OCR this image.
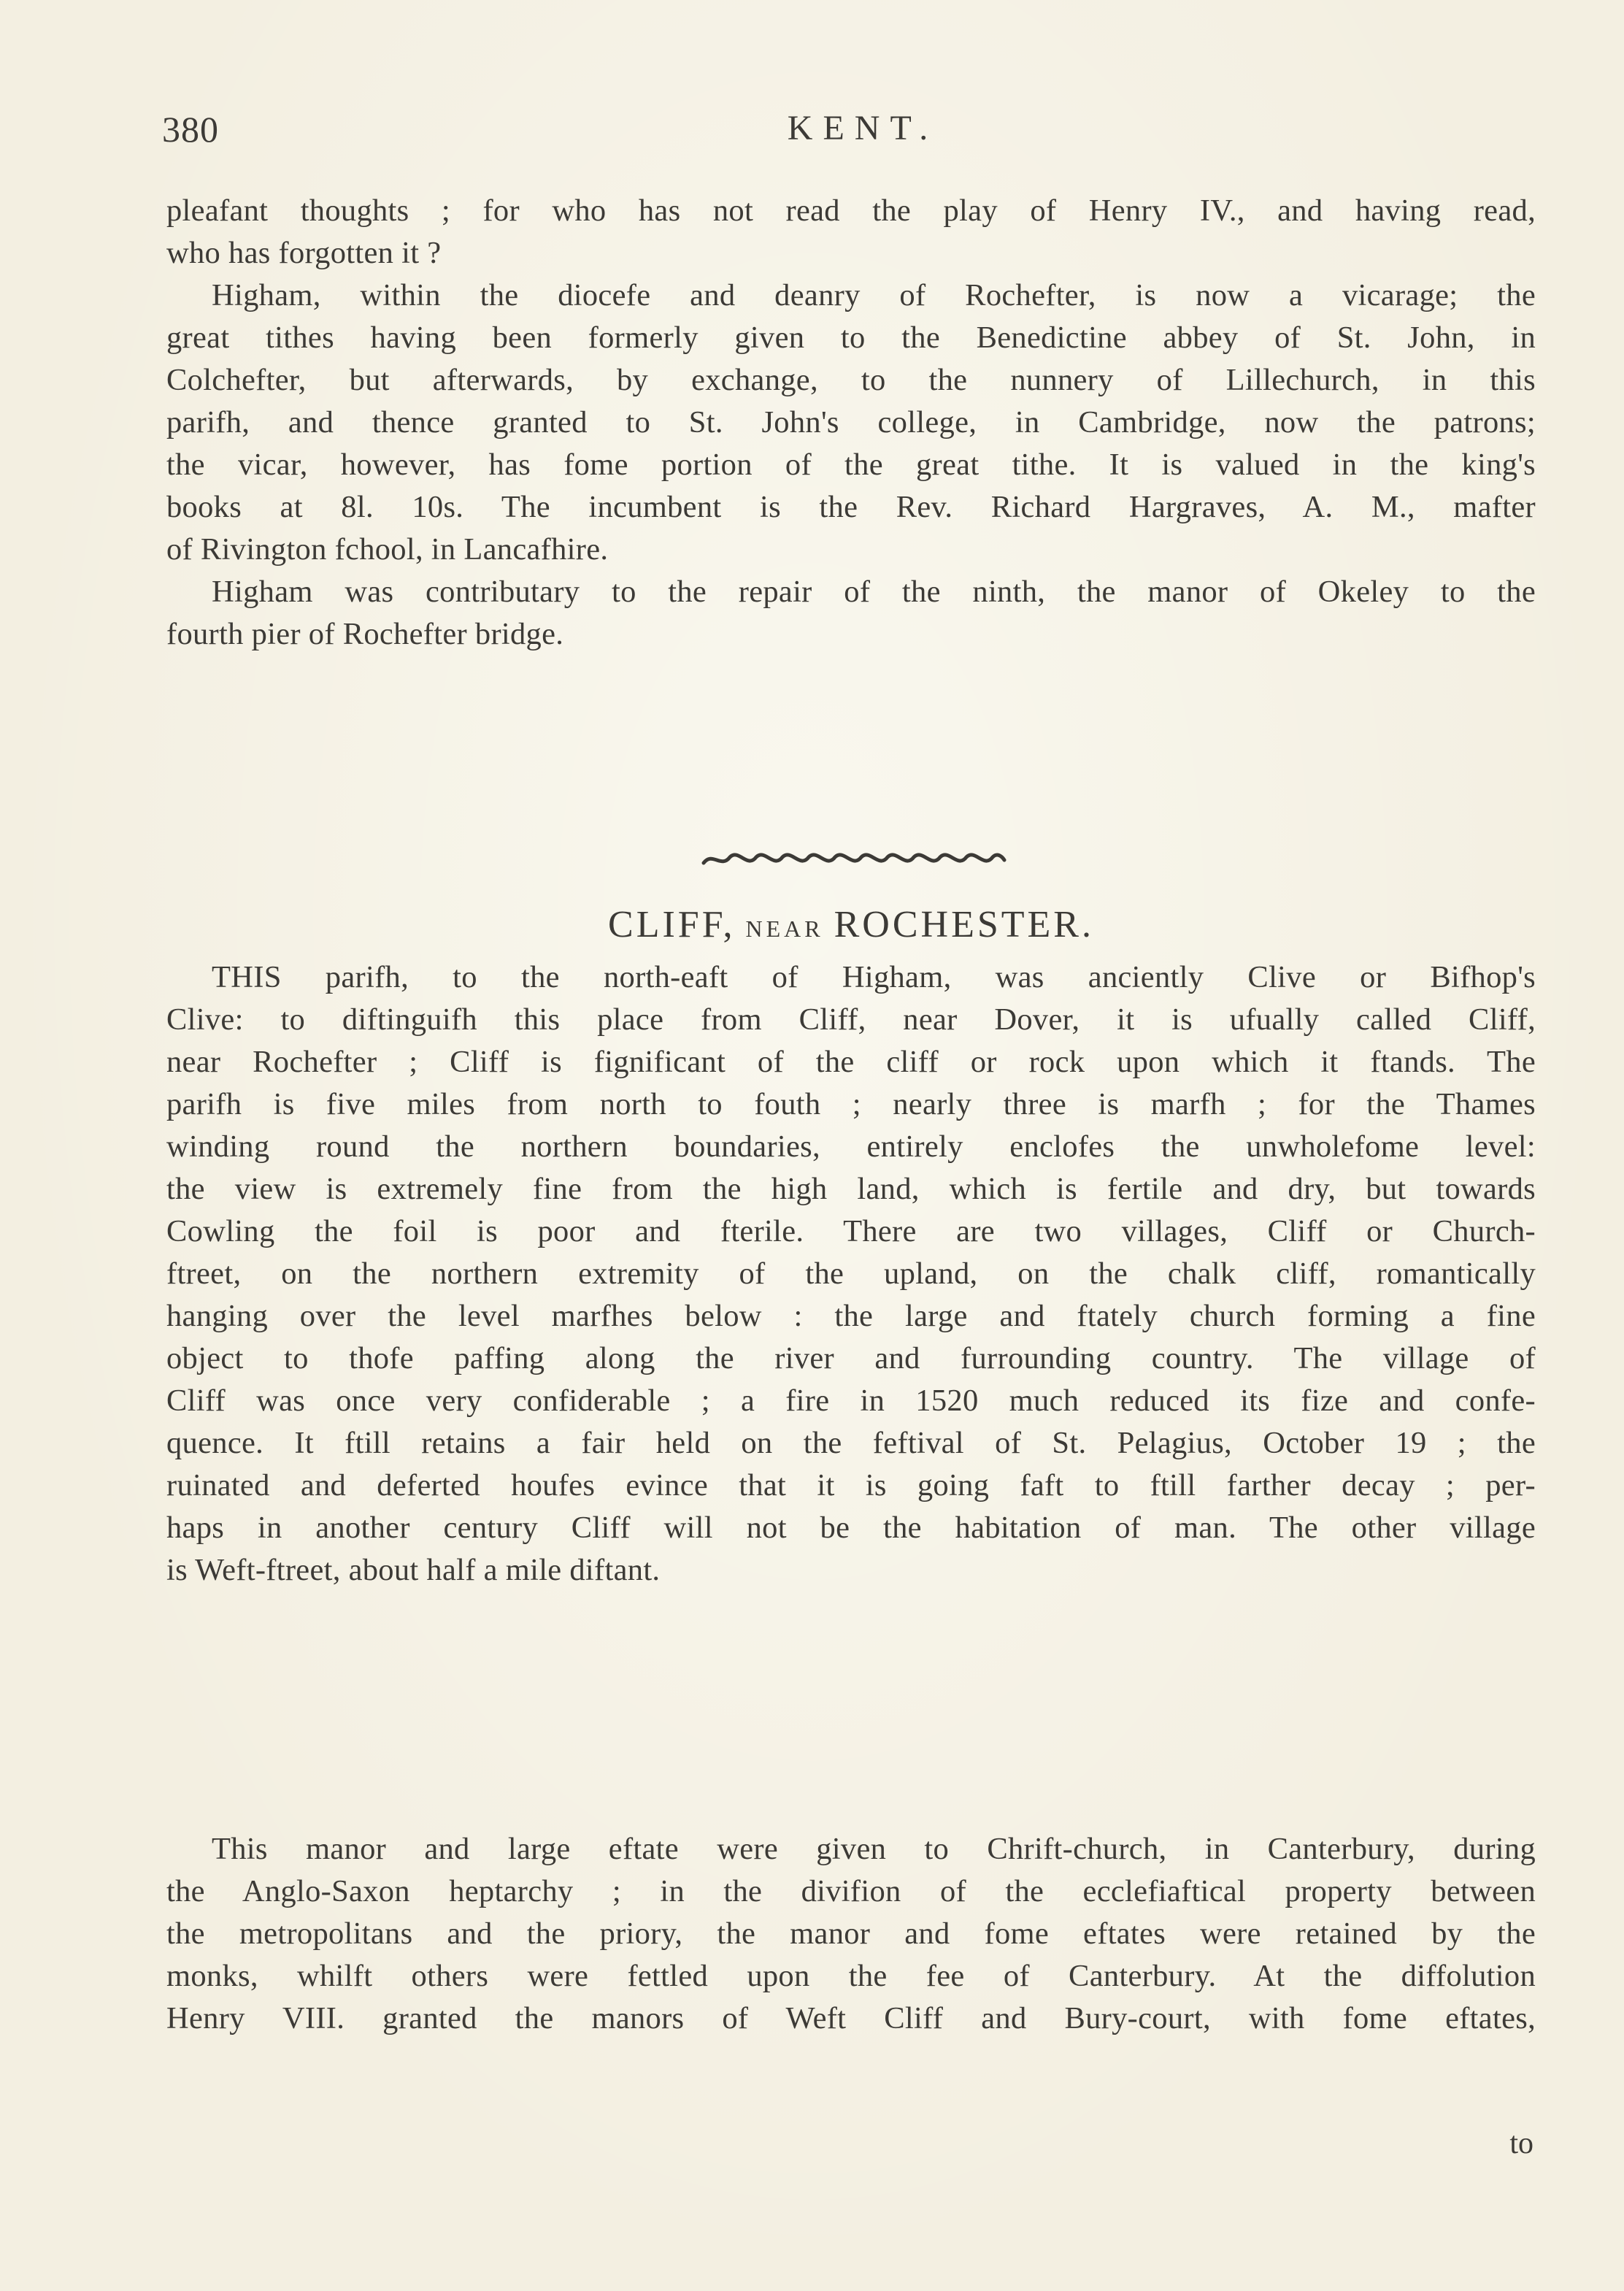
380	KENT.
pleafant thoughts ; for who has not read the play of Henry IV., and having read,
who has forgotten it ?
Higham, within the diocefe and deanry of Rochefter, is now a vicarage; the
great tithes having been formerly given to the Benedictine abbey of St. John, in
Colchefter, but afterwards, by exchange, to the nunnery of Lillechurch, in this
parifh, and thence granted to St. John's college, in Cambridge, now the patrons;
the vicar, however, has fome portion of the great tithe. It is valued in the king's
books at 8l. 10s. The incumbent is the Rev. Richard Hargraves, A. M., mafter
of Rivington fchool, in Lancafhire.
Higham was contributary to the repair of the ninth, the manor of Okeley to the
fourth pier of Rochefter bridge.
CLIFF, NEAR ROCHESTER.
THIS parifh, to the north-eaft of Higham, was anciently Clive or Bifhop's
Clive: to diftinguifh this place from Cliff, near Dover, it is ufually called Cliff,
near Rochefter ; Cliff is fignificant of the cliff or rock upon which it ftands. The
parifh is five miles from north to fouth ; nearly three is marfh ; for the Thames
winding round the northern boundaries, entirely enclofes the unwholefome level:
the view is extremely fine from the high land, which is fertile and dry, but towards
Cowling the foil is poor and fterile. There are two villages, Cliff or Church-
ftreet, on the northern extremity of the upland, on the chalk cliff, romantically
hanging over the level marfhes below : the large and ftately church forming a fine
object to thofe paffing along the river and furrounding country. The village of
Cliff was once very confiderable ; a fire in 1520 much reduced its fize and confe-
quence. It ftill retains a fair held on the feftival of St. Pelagius, October 19 ; the
ruinated and deferted houfes evince that it is going faft to ftill farther decay ; per-
haps in another century Cliff will not be the habitation of man. The other village
is Weft-ftreet, about half a mile diftant.
This manor and large eftate were given to Chrift-church, in Canterbury, during
the Anglo-Saxon heptarchy ; in the divifion of the ecclefiaftical property between
the metropolitans and the priory, the manor and fome eftates were retained by the
monks, whilft others were fettled upon the fee of Canterbury. At the diffolution
Henry VIII. granted the manors of Weft Cliff and Bury-court, with fome eftates,
to
